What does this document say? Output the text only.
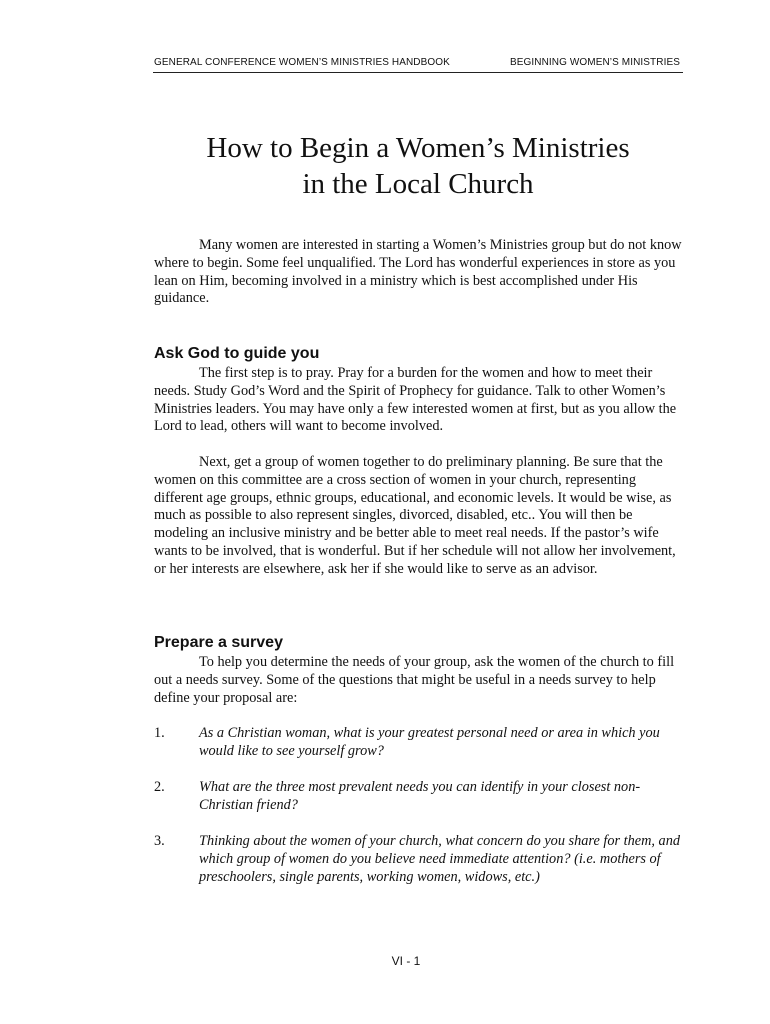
GENERAL CONFERENCE WOMEN’S MINISTRIES HANDBOOK	BEGINNING WOMEN’S MINISTRIES
How to Begin a Women’s Ministries
in the Local Church

Many women are interested in starting a Women’s Ministries group but do not know where to begin. Some feel unqualified. The Lord has wonderful experiences in store as you lean on Him, becoming involved in a ministry which is best accomplished under His guidance.

Ask God to guide you

The first step is to pray. Pray for a burden for the women and how to meet their needs. Study God’s Word and the Spirit of Prophecy for guidance. Talk to other Women’s Ministries leaders. You may have only a few interested women at first, but as you allow the Lord to lead, others will want to become involved.

Next, get a group of women together to do preliminary planning. Be sure that the women on this committee are a cross section of women in your church, representing different age groups, ethnic groups, educational, and economic levels. It would be wise, as much as possible to also represent singles, divorced, disabled, etc.. You will then be modeling an inclusive ministry and be better able to meet real needs. If the pastor’s wife wants to be involved, that is wonderful. But if her schedule will not allow her involvement, or her interests are elsewhere, ask her if she would like to serve as an advisor.

Prepare a survey

To help you determine the needs of your group, ask the women of the church to fill out a needs survey. Some of the questions that might be useful in a needs survey to help define your proposal are:

1. As a Christian woman, what is your greatest personal need or area in which you would like to see yourself grow?
2. What are the three most prevalent needs you can identify in your closest non-Christian friend?
3. Thinking about the women of your church, what concern do you share for them, and which group of women do you believe need immediate attention? (i.e. mothers of preschoolers, single parents, working women, widows, etc.)
VI - 1
